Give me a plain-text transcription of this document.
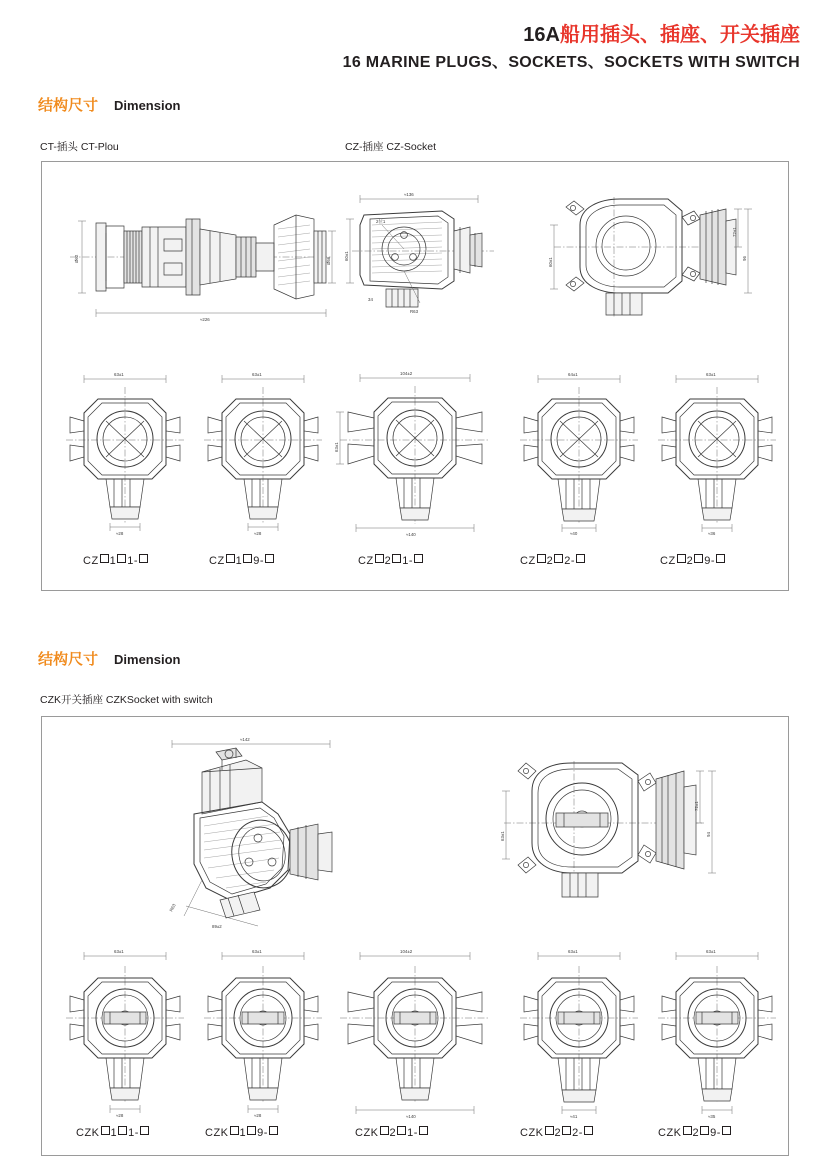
16A船用插头、插座、开关插座
16 MARINE PLUGS、SOCKETS、SOCKETS WITH SWITCH
结构尺寸 Dimension
CT-插头 CT-Plou	CZ-插座 CZ-Socket
Ø62	Ø56
≈226
≈136
2位1
34
R63
60±1
60±1
72±1
96
63±1
≈28
63±1
≈28
104±2
63±1
≈140
64±1
≈40
63±1
≈36
CZ 1 1-	CZ 1 9-	CZ 2 1-	CZ 2 2-	CZ 2 9-
结构尺寸 Dimension
CZK开关插座 CZKSocket with switch
≈142
89±2
R63
63±1
72±1
94
63±1
≈28
63±1
≈28
104±2
≈140
63±1
≈41
63±1
≈35
CZK 1 1-	CZK 1 9-	CZK 2 1-	CZK 2 2-	CZK 2 9-
